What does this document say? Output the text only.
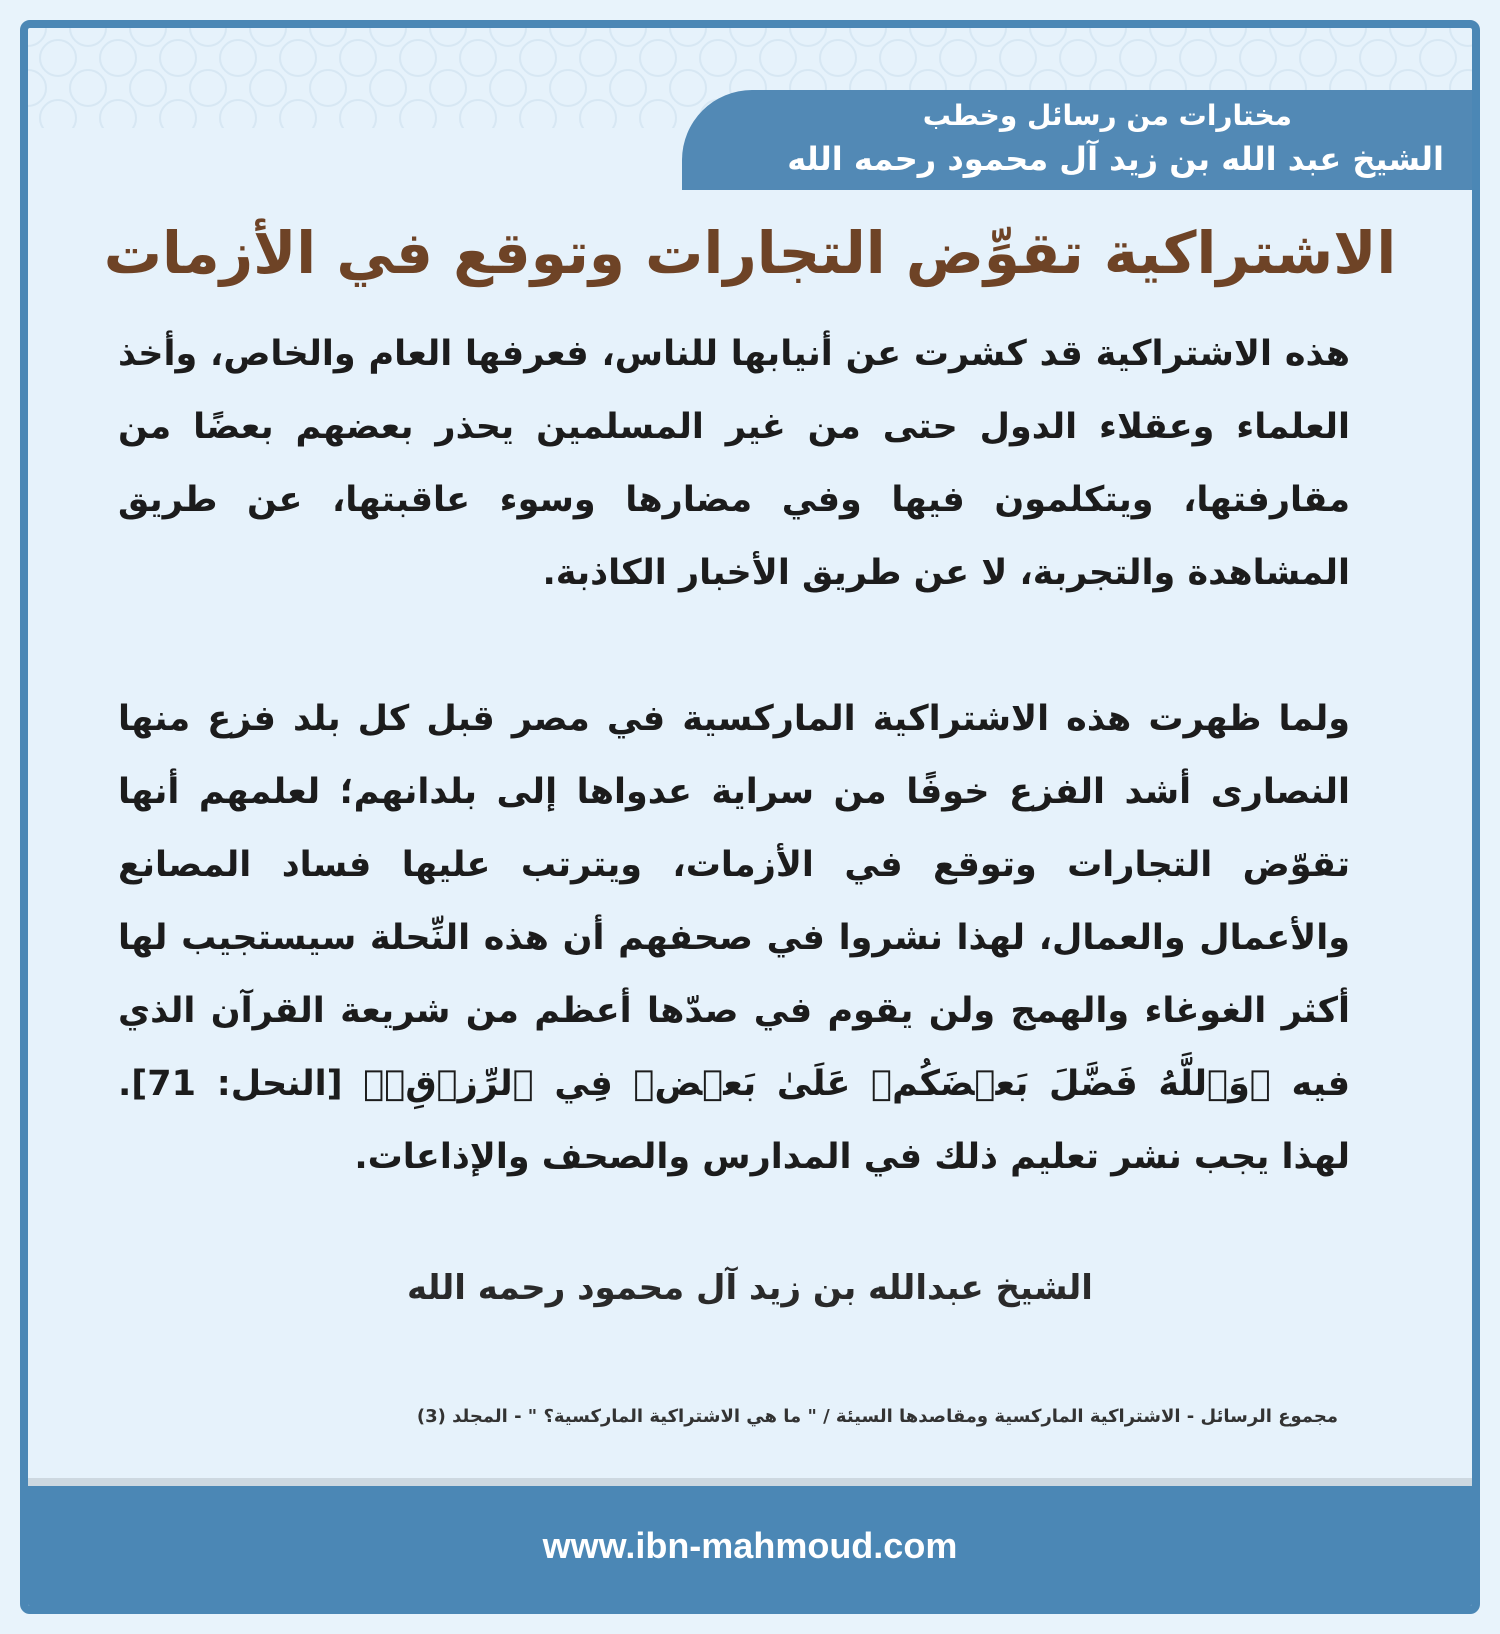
مختارات من رسائل وخطب
الشيخ عبد الله بن زيد آل محمود رحمه الله
الاشتراكية تقوِّض التجارات وتوقع في الأزمات

هذه الاشتراكية قد كشرت عن أنيابها للناس، فعرفها العام والخاص، وأخذ العلماء وعقلاء الدول حتى من غير المسلمين يحذر بعضهم بعضًا من مقارفتها، ويتكلمون فيها وفي مضارها وسوء عاقبتها، عن طريق المشاهدة والتجربة، لا عن طريق الأخبار الكاذبة.

ولما ظهرت هذه الاشتراكية الماركسية في مصر قبل كل بلد فزع منها النصارى أشد الفزع خوفًا من سراية عدواها إلى بلدانهم؛ لعلمهم أنها تقوّض التجارات وتوقع في الأزمات، ويترتب عليها فساد المصانع والأعمال والعمال، لهذا نشروا في صحفهم أن هذه النِّحلة سيستجيب لها أكثر الغوغاء والهمج ولن يقوم في صدّها أعظم من شريعة القرآن الذي فيه ﴿وَٱللَّهُ فَضَّلَ بَعۡضَكُمۡ عَلَىٰ بَعۡضٖ فِي ٱلرِّزۡقِۚ﴾ [النحل: 71]. لهذا يجب نشر تعليم ذلك في المدارس والصحف والإذاعات.

الشيخ عبدالله بن زيد آل محمود رحمه الله
مجموع الرسائل - الاشتراكية الماركسية ومقاصدها السيئة / " ما هي الاشتراكية الماركسية؟ " - المجلد (3)
www.ibn-mahmoud.com
